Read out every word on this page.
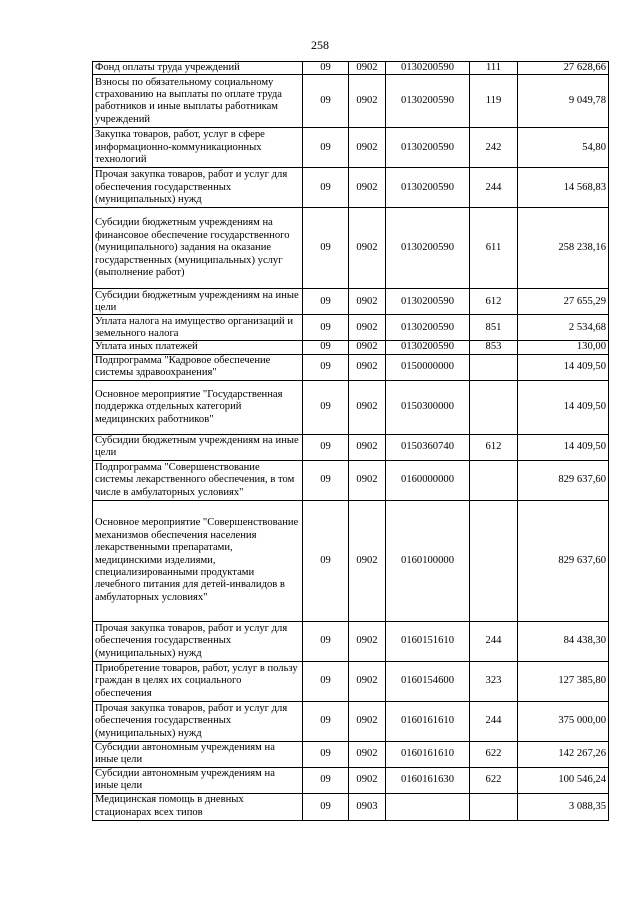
258
Фонд оплаты труда учреждений	09	0902	0130200590	111	27 628,66
Взносы по обязательному социальному страхованию на выплаты по оплате труда работников и иные выплаты работникам учреждений	09	0902	0130200590	119	9 049,78
Закупка товаров, работ, услуг в сфере информационно-коммуникационных технологий	09	0902	0130200590	242	54,80
Прочая закупка товаров, работ и услуг для обеспечения государственных (муниципальных) нужд	09	0902	0130200590	244	14 568,83
Субсидии бюджетным учреждениям на финансовое обеспечение государственного (муниципального) задания на оказание государственных (муниципальных) услуг (выполнение работ)	09	0902	0130200590	611	258 238,16
Субсидии бюджетным учреждениям на иные цели	09	0902	0130200590	612	27 655,29
Уплата налога на имущество организаций и земельного налога	09	0902	0130200590	851	2 534,68
Уплата иных платежей	09	0902	0130200590	853	130,00
Подпрограмма "Кадровое обеспечение системы здравоохранения"	09	0902	0150000000		14 409,50
Основное мероприятие "Государственная поддержка отдельных категорий медицинских работников"	09	0902	0150300000		14 409,50
Субсидии бюджетным учреждениям на иные цели	09	0902	0150360740	612	14 409,50
Подпрограмма "Совершенствование системы лекарственного обеспечения, в том числе в амбулаторных условиях"	09	0902	0160000000		829 637,60
Основное мероприятие "Совершенствование механизмов обеспечения населения лекарственными препаратами, медицинскими изделиями, специализированными продуктами лечебного питания для детей-инвалидов в амбулаторных условиях"	09	0902	0160100000		829 637,60
Прочая закупка товаров, работ и услуг для обеспечения государственных (муниципальных) нужд	09	0902	0160151610	244	84 438,30
Приобретение товаров, работ, услуг в пользу граждан в целях их социального обеспечения	09	0902	0160154600	323	127 385,80
Прочая закупка товаров, работ и услуг для обеспечения государственных (муниципальных) нужд	09	0902	0160161610	244	375 000,00
Субсидии автономным учреждениям на иные цели	09	0902	0160161610	622	142 267,26
Субсидии автономным учреждениям на иные цели	09	0902	0160161630	622	100 546,24
Медицинская помощь в дневных стационарах всех типов	09	0903			3 088,35
